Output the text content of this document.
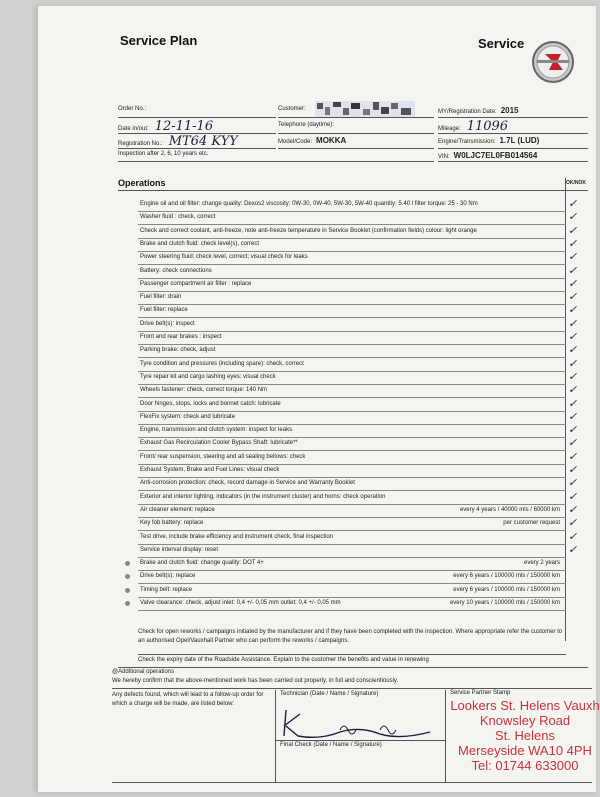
Service Plan	Service
Order No.:	Customer:	MY/Registration Date: 2015
Date in/out: 12-11-16	Telephone (daytime):
Mileage: 11096
Registration No.: MT64 KYY	Model/Code: MOKKA	Engine/Transmission: 1.7L (LUD)
Inspection after 2, 6, 10 years etc.	VIN: W0LJC7EL0FB014564
Operations	OK/NOK
Engine oil and oil filter: change quality: Dexos2 viscosity: 0W-30, 0W-40, 5W-30, 5W-40 quantity: 5.40 l filter torque: 25 - 30 Nm	✓
Washer fluid : check, correct	✓
Check and correct coolant, anti-freeze, note anti-freeze temperature in Service Booklet (confirmation fields) colour: light orange	✓
Brake and clutch fluid: check level(s), correct	✓
Power steering fluid: check level, correct; visual check for leaks	✓
Battery: check connections	✓
Passenger compartment air filter : replace	✓
Fuel filter: drain	✓
Fuel filter: replace	✓
Drive belt(s): inspect	✓
Front and rear brakes : inspect	✓
Parking brake: check, adjust	✓
Tyre condition and pressures (including spare): check, correct	✓
Tyre repair kit and cargo lashing eyes: visual check	✓
Wheels fastener: check, correct torque: 140 Nm	✓
Door hinges, stops, locks and bonnet catch: lubricate	✓
FlexFix system: check and lubricate	✓
Engine, transmission and clutch system: inspect for leaks	✓
Exhaust Gas Recirculation Cooler Bypass Shaft: lubricate**	✓
Front/ rear suspension, steering and all sealing bellows: check	✓
Exhaust System, Brake and Fuel Lines: visual check	✓
Anti-corrosion protection: check, record damage in Service and Warranty Booklet	✓
Exterior and interior lighting, indicators (in the instrument cluster) and horns: check operation	✓
Air cleaner element: replace	every 4 years / 40000 mls / 60000 km ✓
Key fob battery: replace	per customer request ✓
Test drive, include brake efficiency and instrument check, final inspection	✓
Service interval display: reset	✓
Brake and clutch fluid: change quality: DOT 4+	every 2 years
Drive belt(s): replace	every 6 years / 100000 mls / 150000 km
Timing belt: replace	every 6 years / 100000 mls / 150000 km
Valve clearance: check, adjust inlet: 0,4 +/- 0,05 mm outlet: 0,4 +/- 0,05 mm	every 10 years / 100000 mls / 150000 km
Check for open reworks / campaigns initiated by the manufacturer and if they have been completed with the inspection. Where appropriate refer the customer to an authorised Opel/Vauxhall Partner who can perform the reworks / campaigns.
Check the expiry date of the Roadside Assistance. Explain to the customer the benefits and value in renewing
@Additional operations
We hereby confirm that the above-mentioned work has been carried out properly, in full and conscientiously.
Any defects found, which will lead to a follow-up order for which a charge will be made, are listed below:
Technician (Date / Name / Signature)
Final Check (Date / Name / Signature)
Service Partner Stamp
Lookers St. Helens Vauxh
Knowsley Road
St. Helens
Merseyside WA10 4PH
Tel: 01744 633000
